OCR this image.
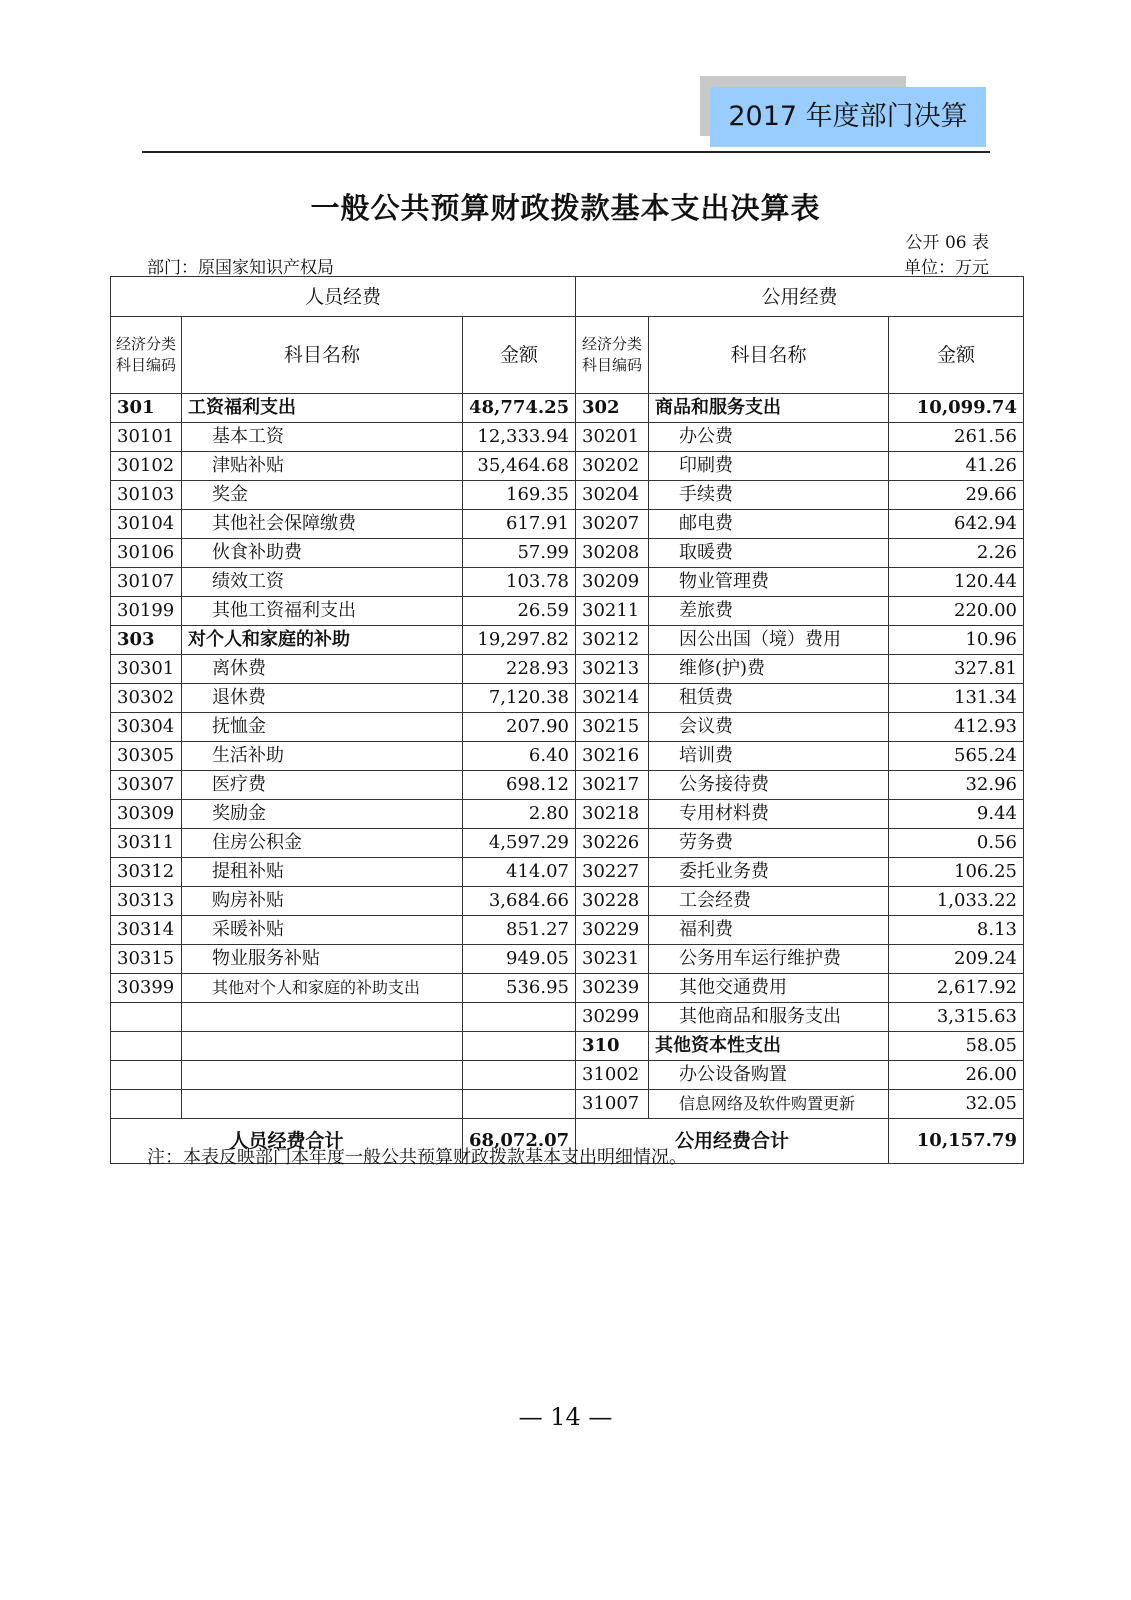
2017 年度部门决算
一般公共预算财政拨款基本支出决算表
公开 06 表
部门：原国家知识产权局	单位：万元
人员经费			公用经费		
经济分类科目编码	科目名称	金额	经济分类科目编码	科目名称	金额
301	工资福利支出	48,774.25	302	商品和服务支出	10,099.74
30101	基本工资	12,333.94	30201	办公费	261.56
30102	津贴补贴	35,464.68	30202	印刷费	41.26
30103	奖金	169.35	30204	手续费	29.66
30104	其他社会保障缴费	617.91	30207	邮电费	642.94
30106	伙食补助费	57.99	30208	取暖费	2.26
30107	绩效工资	103.78	30209	物业管理费	120.44
30199	其他工资福利支出	26.59	30211	差旅费	220.00
303	对个人和家庭的补助	19,297.82	30212	因公出国（境）费用	10.96
30301	离休费	228.93	30213	维修(护)费	327.81
30302	退休费	7,120.38	30214	租赁费	131.34
30304	抚恤金	207.90	30215	会议费	412.93
30305	生活补助	6.40	30216	培训费	565.24
30307	医疗费	698.12	30217	公务接待费	32.96
30309	奖励金	2.80	30218	专用材料费	9.44
30311	住房公积金	4,597.29	30226	劳务费	0.56
30312	提租补贴	414.07	30227	委托业务费	106.25
30313	购房补贴	3,684.66	30228	工会经费	1,033.22
30314	采暖补贴	851.27	30229	福利费	8.13
30315	物业服务补贴	949.05	30231	公务用车运行维护费	209.24
30399	其他对个人和家庭的补助支出	536.95	30239	其他交通费用	2,617.92
			30299	其他商品和服务支出	3,315.63
			310	其他资本性支出	58.05
			31002	办公设备购置	26.00
			31007	信息网络及软件购置更新	32.05
人员经费合计		68,072.07	公用经费合计		10,157.79
注：本表反映部门本年度一般公共预算财政拨款基本支出明细情况。
— 14 —
